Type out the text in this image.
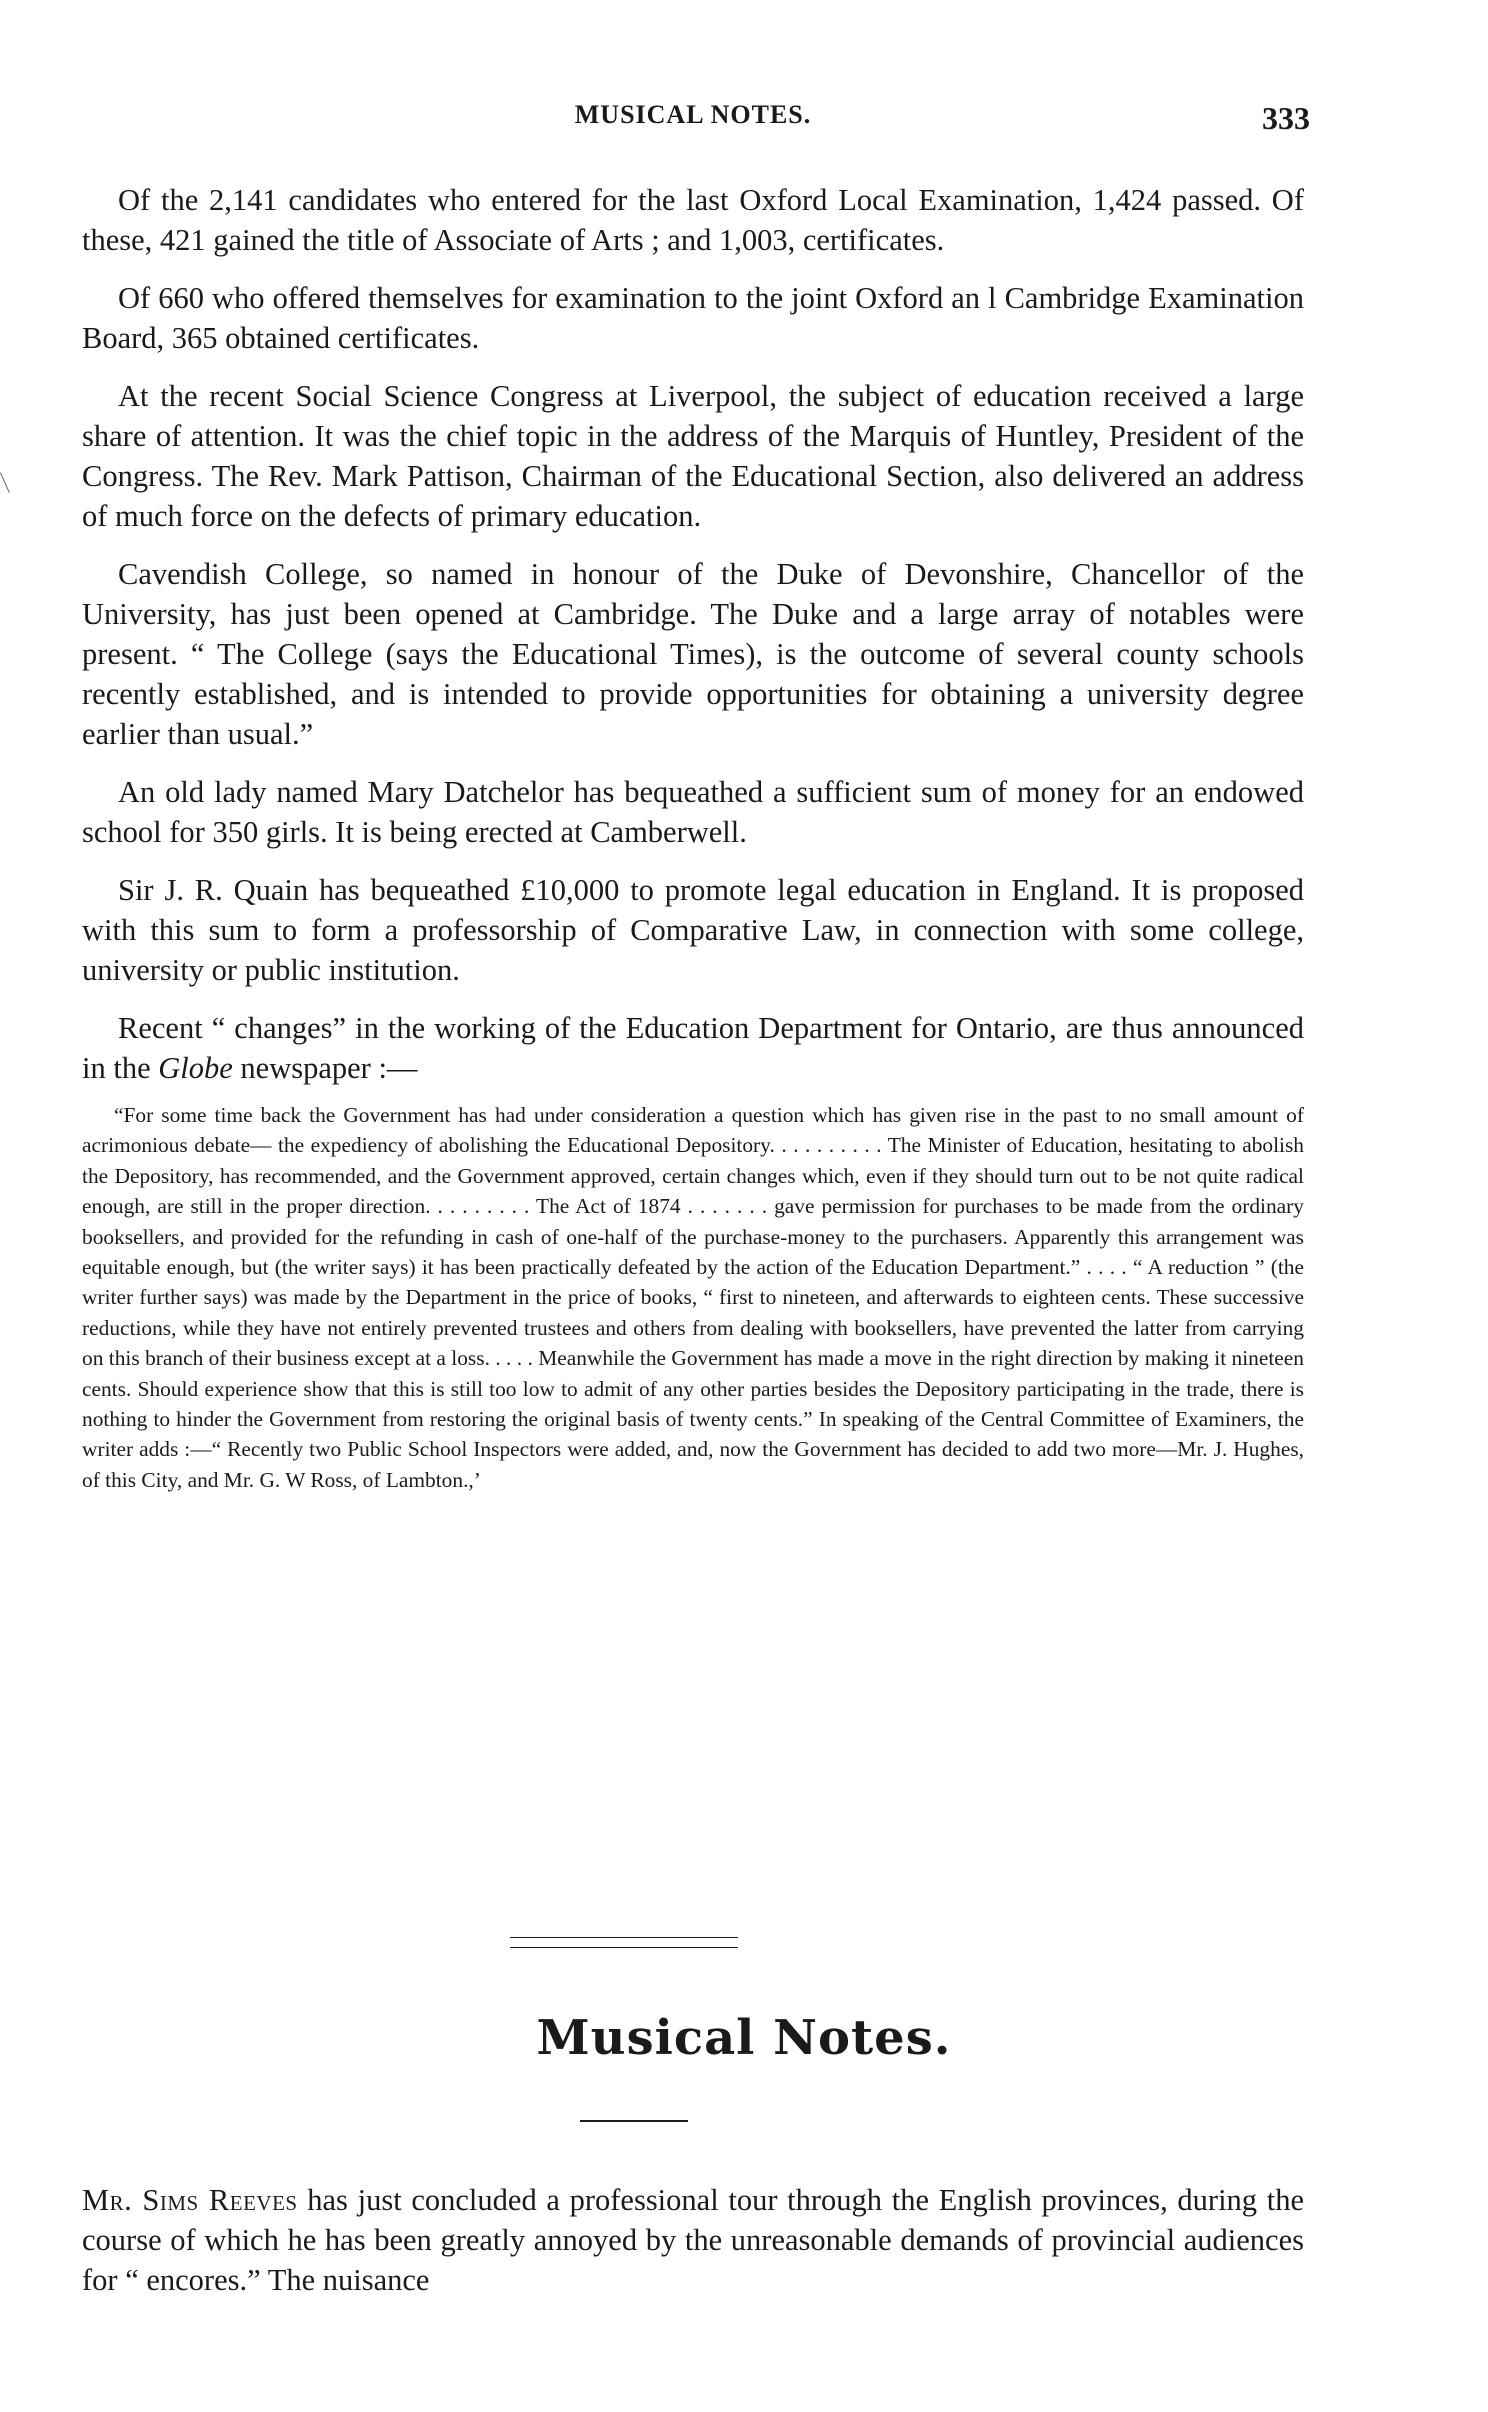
MUSICAL NOTES.	333

Of the 2,141 candidates who entered for the last Oxford Local Examination, 1,424 passed. Of these, 421 gained the title of Associate of Arts ; and 1,003, certificates.

Of 660 who offered themselves for examination to the joint Oxford an l Cambridge Examination Board, 365 obtained certificates.

At the recent Social Science Congress at Liverpool, the subject of education received a large share of attention. It was the chief topic in the address of the Marquis of Huntley, President of the Congress. The Rev. Mark Pattison, Chairman of the Educational Section, also delivered an address of much force on the defects of primary education.

Cavendish College, so named in honour of the Duke of Devonshire, Chancellor of the University, has just been opened at Cambridge. The Duke and a large array of notables were present. “ The College (says the Educational Times), is the outcome of several county schools recently established, and is intended to provide opportunities for obtaining a university degree earlier than usual.”

An old lady named Mary Datchelor has bequeathed a sufficient sum of money for an endowed school for 350 girls. It is being erected at Camberwell.

Sir J. R. Quain has bequeathed £10,000 to promote legal education in England. It is proposed with this sum to form a professorship of Comparative Law, in connection with some college, university or public institution.

Recent “ changes” in the working of the Education Department for Ontario, are thus announced in the Globe newspaper :—

“For some time back the Government has had under consideration a question which has given rise in the past to no small amount of acrimonious debate— the expediency of abolishing the Educational Depository. . . . . . . . . . The Minister of Education, hesitating to abolish the Depository, has recommended, and the Government approved, certain changes which, even if they should turn out to be not quite radical enough, are still in the proper direction. . . . . . . . . The Act of 1874 . . . . . . . gave permission for purchases to be made from the ordinary booksellers, and provided for the refunding in cash of one-half of the purchase-money to the purchasers. Apparently this arrangement was equitable enough, but (the writer says) it has been practically defeated by the action of the Education Department.” . . . . “ A reduction ” (the writer further says) was made by the Department in the price of books, “ first to nineteen, and afterwards to eighteen cents. These successive reductions, while they have not entirely prevented trustees and others from dealing with booksellers, have prevented the latter from carrying on this branch of their business except at a loss. . . . . Meanwhile the Government has made a move in the right direction by making it nineteen cents. Should experience show that this is still too low to admit of any other parties besides the Depository participating in the trade, there is nothing to hinder the Government from restoring the original basis of twenty cents.” In speaking of the Central Committee of Examiners, the writer adds :—“ Recently two Public School Inspectors were added, and, now the Government has decided to add two more—Mr. J. Hughes, of this City, and Mr. G. W Ross, of Lambton.,’

Musical Notes.

Mr. Sims Reeves has just concluded a professional tour through the English provinces, during the course of which he has been greatly annoyed by the unreasonable demands of provincial audiences for “ encores.” The nuisance
